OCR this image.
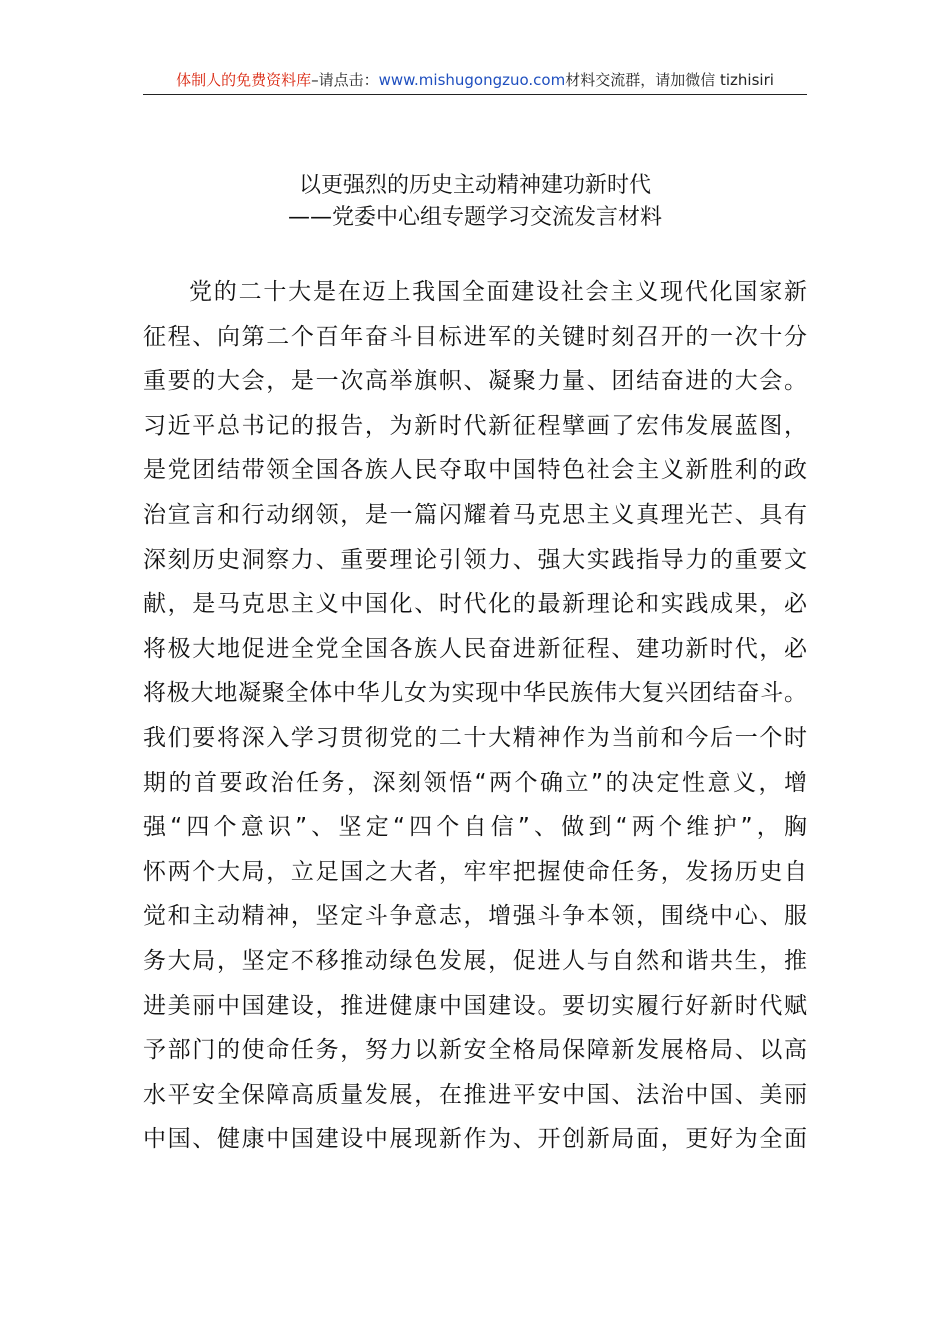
体制人的免费资料库–请点击：www.mishugongzuo.com材料交流群，请加微信 tizhisiri
以更强烈的历史主动精神建功新时代
——党委中心组专题学习交流发言材料
党的二十大是在迈上我国全面建设社会主义现代化国家新
征程、向第二个百年奋斗目标进军的关键时刻召开的一次十分
重要的大会，是一次高举旗帜、凝聚力量、团结奋进的大会。
习近平总书记的报告，为新时代新征程擘画了宏伟发展蓝图，
是党团结带领全国各族人民夺取中国特色社会主义新胜利的政
治宣言和行动纲领，是一篇闪耀着马克思主义真理光芒、具有
深刻历史洞察力、重要理论引领力、强大实践指导力的重要文
献，是马克思主义中国化、时代化的最新理论和实践成果，必
将极大地促进全党全国各族人民奋进新征程、建功新时代，必
将极大地凝聚全体中华儿女为实现中华民族伟大复兴团结奋斗。
我们要将深入学习贯彻党的二十大精神作为当前和今后一个时
期的首要政治任务，深刻领悟“两个确立”的决定性意义，增
强“四个意识”、坚定“四个自信”、做到“两个维护”，胸
怀两个大局，立足国之大者，牢牢把握使命任务，发扬历史自
觉和主动精神，坚定斗争意志，增强斗争本领，围绕中心、服
务大局，坚定不移推动绿色发展，促进人与自然和谐共生，推
进美丽中国建设，推进健康中国建设。要切实履行好新时代赋
予部门的使命任务，努力以新安全格局保障新发展格局、以高
水平安全保障高质量发展，在推进平安中国、法治中国、美丽
中国、健康中国建设中展现新作为、开创新局面，更好为全面
